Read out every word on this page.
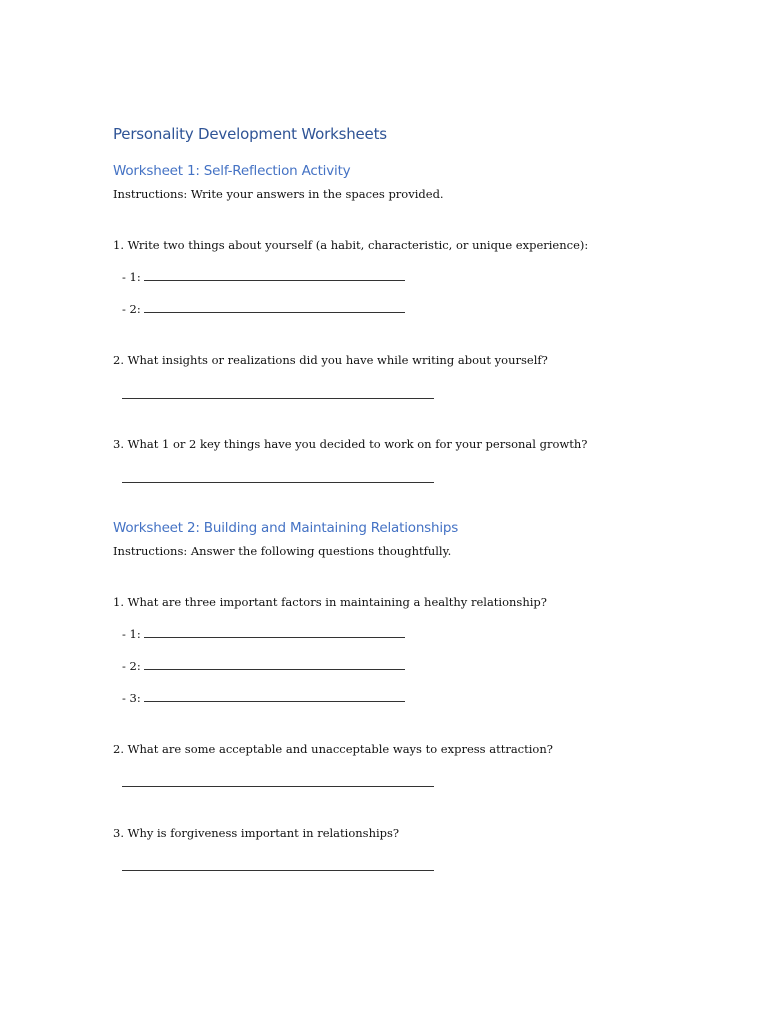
Personality Development Worksheets
Worksheet 1: Self-Reflection Activity
Instructions: Write your answers in the spaces provided.
1. Write two things about yourself (a habit, characteristic, or unique experience):
- 1:
- 2:
2. What insights or realizations did you have while writing about yourself?
3. What 1 or 2 key things have you decided to work on for your personal growth?
Worksheet 2: Building and Maintaining Relationships
Instructions: Answer the following questions thoughtfully.
1. What are three important factors in maintaining a healthy relationship?
- 1:
- 2:
- 3:
2. What are some acceptable and unacceptable ways to express attraction?
3. Why is forgiveness important in relationships?
